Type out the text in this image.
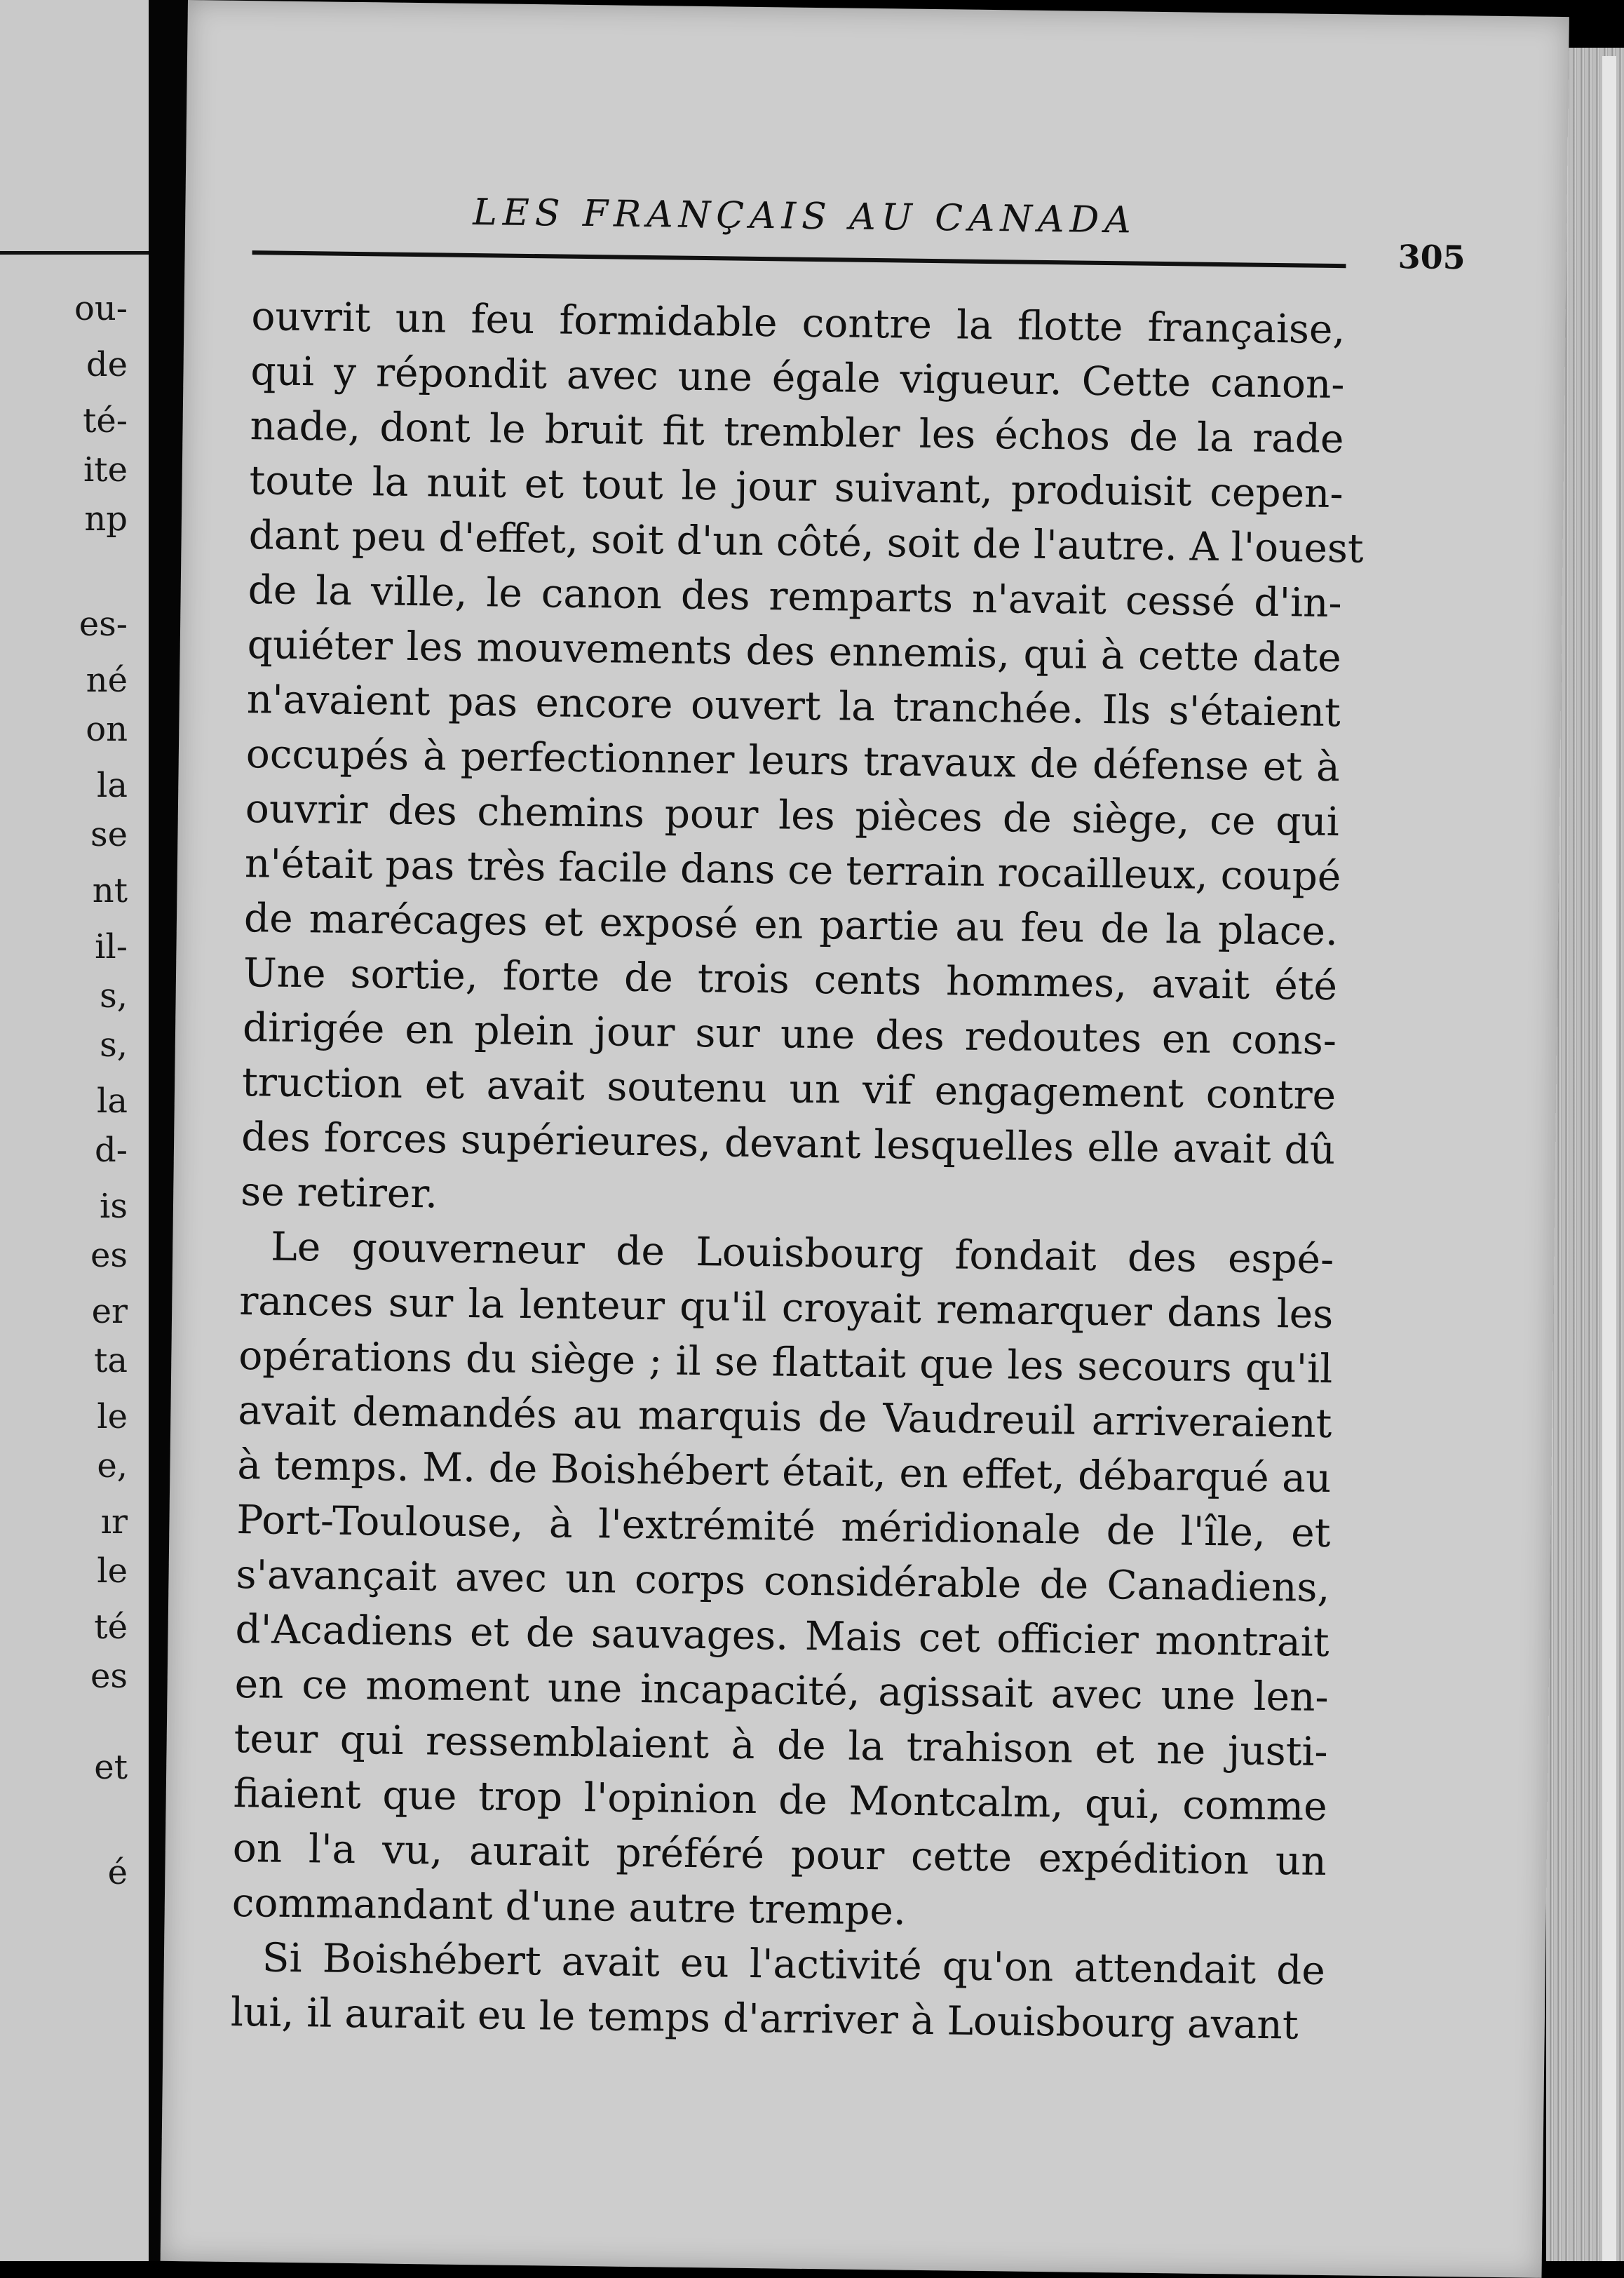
ou-

de

té-

ite

np

es-

né

on

la

se

nt

il-

s,

s,

la

d-

is

es

er

ta

le

e,

ır

le

té

es

et

é

LES FRANÇAIS AU CANADA

305

ouvrit un feu formidable contre la flotte française,
qui y répondit avec une égale vigueur. Cette canon-
nade, dont le bruit fit trembler les échos de la rade
toute la nuit et tout le jour suivant, produisit cepen-
dant peu d'effet, soit d'un côté, soit de l'autre. A l'ouest
de la ville, le canon des remparts n'avait cessé d'in-
quiéter les mouvements des ennemis, qui à cette date
n'avaient pas encore ouvert la tranchée. Ils s'étaient
occupés à perfectionner leurs travaux de défense et à
ouvrir des chemins pour les pièces de siège, ce qui
n'était pas très facile dans ce terrain rocailleux, coupé
de marécages et exposé en partie au feu de la place.
Une sortie, forte de trois cents hommes, avait été
dirigée en plein jour sur une des redoutes en cons-
truction et avait soutenu un vif engagement contre
des forces supérieures, devant lesquelles elle avait dû
se retirer.
Le gouverneur de Louisbourg fondait des espé-
rances sur la lenteur qu'il croyait remarquer dans les
opérations du siège ; il se flattait que les secours qu'il
avait demandés au marquis de Vaudreuil arriveraient
à temps. M. de Boishébert était, en effet, débarqué au
Port-Toulouse, à l'extrémité méridionale de l'île, et
s'avançait avec un corps considérable de Canadiens,
d'Acadiens et de sauvages. Mais cet officier montrait
en ce moment une incapacité, agissait avec une len-
teur qui ressemblaient à de la trahison et ne justi-
fiaient que trop l'opinion de Montcalm, qui, comme
on l'a vu, aurait préféré pour cette expédition un
commandant d'une autre trempe.
Si Boishébert avait eu l'activité qu'on attendait de
lui, il aurait eu le temps d'arriver à Louisbourg avant
